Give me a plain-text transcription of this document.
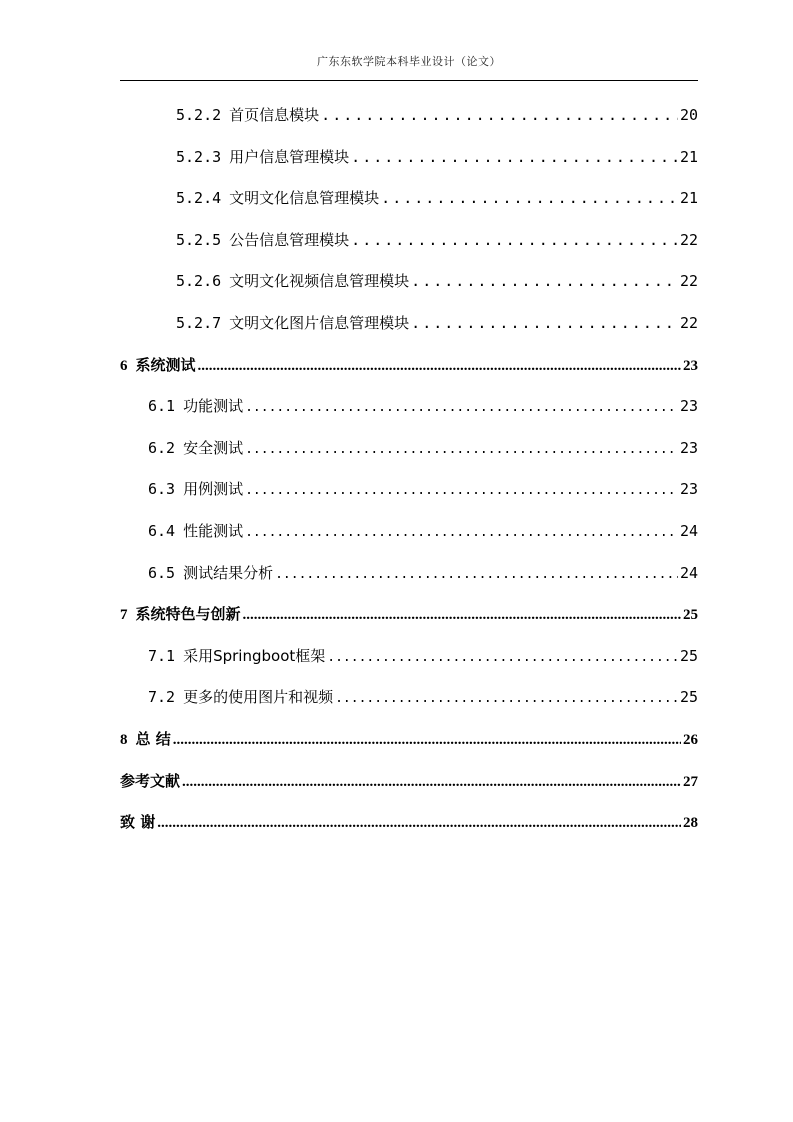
广东东软学院本科毕业设计（论文）
5.2.2 首页信息模块 .....	20
5.2.3 用户信息管理模块 .....	21
5.2.4 文明文化信息管理模块 .....	21
5.2.5 公告信息管理模块 .....	22
5.2.6 文明文化视频信息管理模块 .....	22
5.2.7 文明文化图片信息管理模块 .....	22
6 系统测试 .....	23
6.1 功能测试 .....	23
6.2 安全测试 .....	23
6.3 用例测试 .....	23
6.4 性能测试 .....	24
6.5 测试结果分析 .....	24
7 系统特色与创新 .....	25
7.1 采用Springboot框架 .....	25
7.2 更多的使用图片和视频 .....	25
8 总 结 .....	26
参考文献 .....	27
致 谢 .....	28
